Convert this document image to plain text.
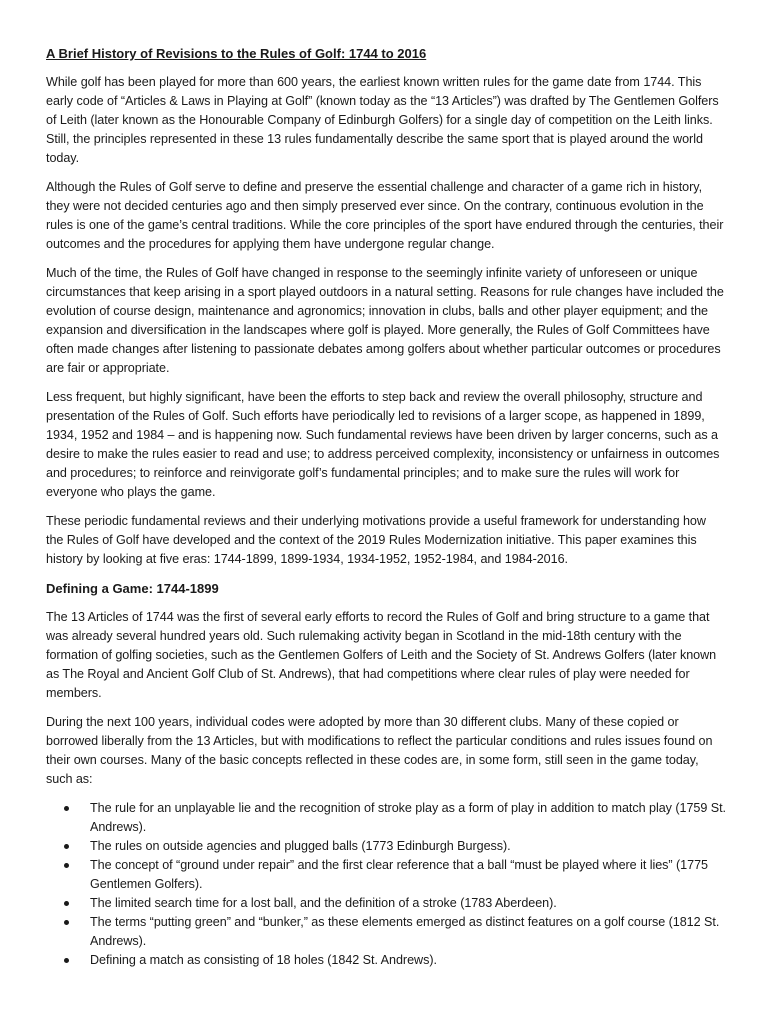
A Brief History of Revisions to the Rules of Golf: 1744 to 2016

While golf has been played for more than 600 years, the earliest known written rules for the game date from 1744. This early code of “Articles & Laws in Playing at Golf” (known today as the “13 Articles”) was drafted by The Gentlemen Golfers of Leith (later known as the Honourable Company of Edinburgh Golfers) for a single day of competition on the Leith links. Still, the principles represented in these 13 rules fundamentally describe the same sport that is played around the world today.

Although the Rules of Golf serve to define and preserve the essential challenge and character of a game rich in history, they were not decided centuries ago and then simply preserved ever since. On the contrary, continuous evolution in the rules is one of the game’s central traditions. While the core principles of the sport have endured through the centuries, their outcomes and the procedures for applying them have undergone regular change.

Much of the time, the Rules of Golf have changed in response to the seemingly infinite variety of unforeseen or unique circumstances that keep arising in a sport played outdoors in a natural setting. Reasons for rule changes have included the evolution of course design, maintenance and agronomics; innovation in clubs, balls and other player equipment; and the expansion and diversification in the landscapes where golf is played. More generally, the Rules of Golf Committees have often made changes after listening to passionate debates among golfers about whether particular outcomes or procedures are fair or appropriate.

Less frequent, but highly significant, have been the efforts to step back and review the overall philosophy, structure and presentation of the Rules of Golf. Such efforts have periodically led to revisions of a larger scope, as happened in 1899, 1934, 1952 and 1984 – and is happening now. Such fundamental reviews have been driven by larger concerns, such as a desire to make the rules easier to read and use; to address perceived complexity, inconsistency or unfairness in outcomes and procedures; to reinforce and reinvigorate golf’s fundamental principles; and to make sure the rules will work for everyone who plays the game.

These periodic fundamental reviews and their underlying motivations provide a useful framework for understanding how the Rules of Golf have developed and the context of the 2019 Rules Modernization initiative. This paper examines this history by looking at five eras: 1744-1899, 1899-1934, 1934-1952, 1952-1984, and 1984-2016.

Defining a Game: 1744-1899

The 13 Articles of 1744 was the first of several early efforts to record the Rules of Golf and bring structure to a game that was already several hundred years old. Such rulemaking activity began in Scotland in the mid-18th century with the formation of golfing societies, such as the Gentlemen Golfers of Leith and the Society of St. Andrews Golfers (later known as The Royal and Ancient Golf Club of St. Andrews), that had competitions where clear rules of play were needed for members.

During the next 100 years, individual codes were adopted by more than 30 different clubs. Many of these copied or borrowed liberally from the 13 Articles, but with modifications to reflect the particular conditions and rules issues found on their own courses. Many of the basic concepts reflected in these codes are, in some form, still seen in the game today, such as:

The rule for an unplayable lie and the recognition of stroke play as a form of play in addition to match play (1759 St. Andrews).
The rules on outside agencies and plugged balls (1773 Edinburgh Burgess).
The concept of “ground under repair” and the first clear reference that a ball “must be played where it lies” (1775 Gentlemen Golfers).
The limited search time for a lost ball, and the definition of a stroke (1783 Aberdeen).
The terms “putting green” and “bunker,” as these elements emerged as distinct features on a golf course (1812 St. Andrews).
Defining a match as consisting of 18 holes (1842 St. Andrews).
